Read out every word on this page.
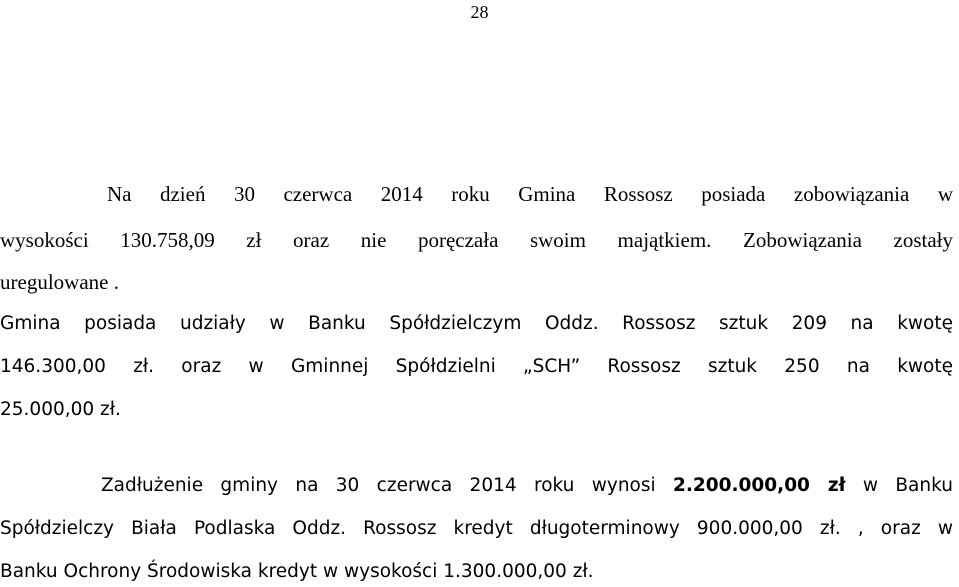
28
Na dzień 30 czerwca 2014 roku Gmina Rossosz posiada zobowiązania w
wysokości 130.758,09 zł oraz nie poręczała swoim majątkiem. Zobowiązania zostały
uregulowane .
Gmina posiada udziały w Banku Spółdzielczym Oddz. Rossosz sztuk 209 na kwotę
146.300,00 zł. oraz w Gminnej Spółdzielni „SCH” Rossosz sztuk 250 na kwotę
25.000,00 zł.
Zadłużenie gminy na 30 czerwca 2014 roku wynosi 2.200.000,00 zł w Banku
Spółdzielczy Biała Podlaska Oddz. Rossosz kredyt długoterminowy 900.000,00 zł. , oraz w
Banku Ochrony Środowiska kredyt w wysokości 1.300.000,00 zł.
